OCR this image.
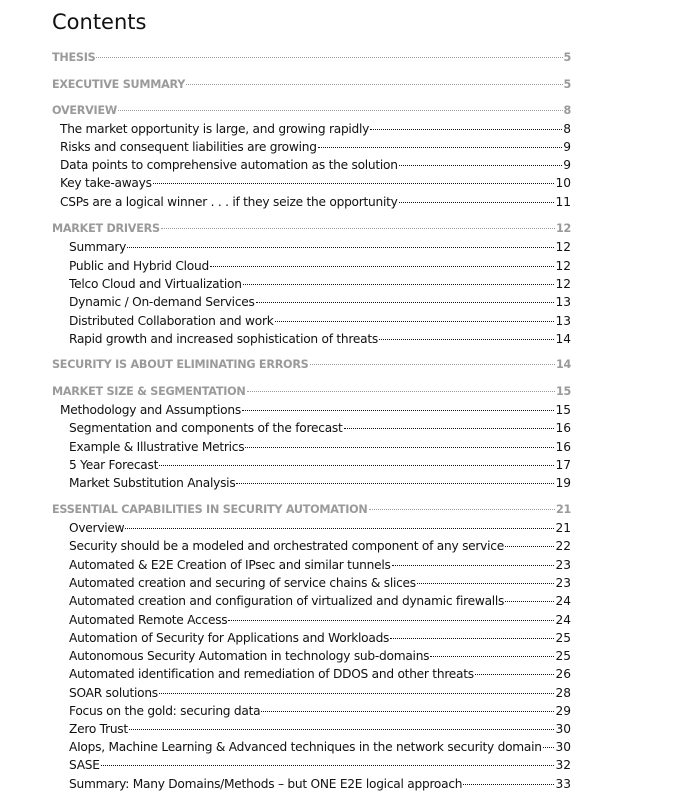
Contents
THESIS	5
EXECUTIVE SUMMARY	5
OVERVIEW	8
The market opportunity is large, and growing rapidly	8
Risks and consequent liabilities are growing	9
Data points to comprehensive automation as the solution	9
Key take-aways	10
CSPs are a logical winner . . . if they seize the opportunity	11
MARKET DRIVERS	12
Summary	12
Public and Hybrid Cloud	12
Telco Cloud and Virtualization	12
Dynamic / On-demand Services	13
Distributed Collaboration and work	13
Rapid growth and increased sophistication of threats	14
SECURITY IS ABOUT ELIMINATING ERRORS	14
MARKET SIZE & SEGMENTATION	15
Methodology and Assumptions	15
Segmentation and components of the forecast	16
Example & Illustrative Metrics	16
5 Year Forecast	17
Market Substitution Analysis	19
ESSENTIAL CAPABILITIES IN SECURITY AUTOMATION	21
Overview	21
Security should be a modeled and orchestrated component of any service	22
Automated & E2E Creation of IPsec and similar tunnels	23
Automated creation and securing of service chains & slices	23
Automated creation and configuration of virtualized and dynamic firewalls	24
Automated Remote Access	24
Automation of Security for Applications and Workloads	25
Autonomous Security Automation in technology sub-domains	25
Automated identification and remediation of DDOS and other threats	26
SOAR solutions	28
Focus on the gold: securing data	29
Zero Trust	30
AIops, Machine Learning & Advanced techniques in the network security domain 30
SASE	32
Summary: Many Domains/Methods – but ONE E2E logical approach	33
